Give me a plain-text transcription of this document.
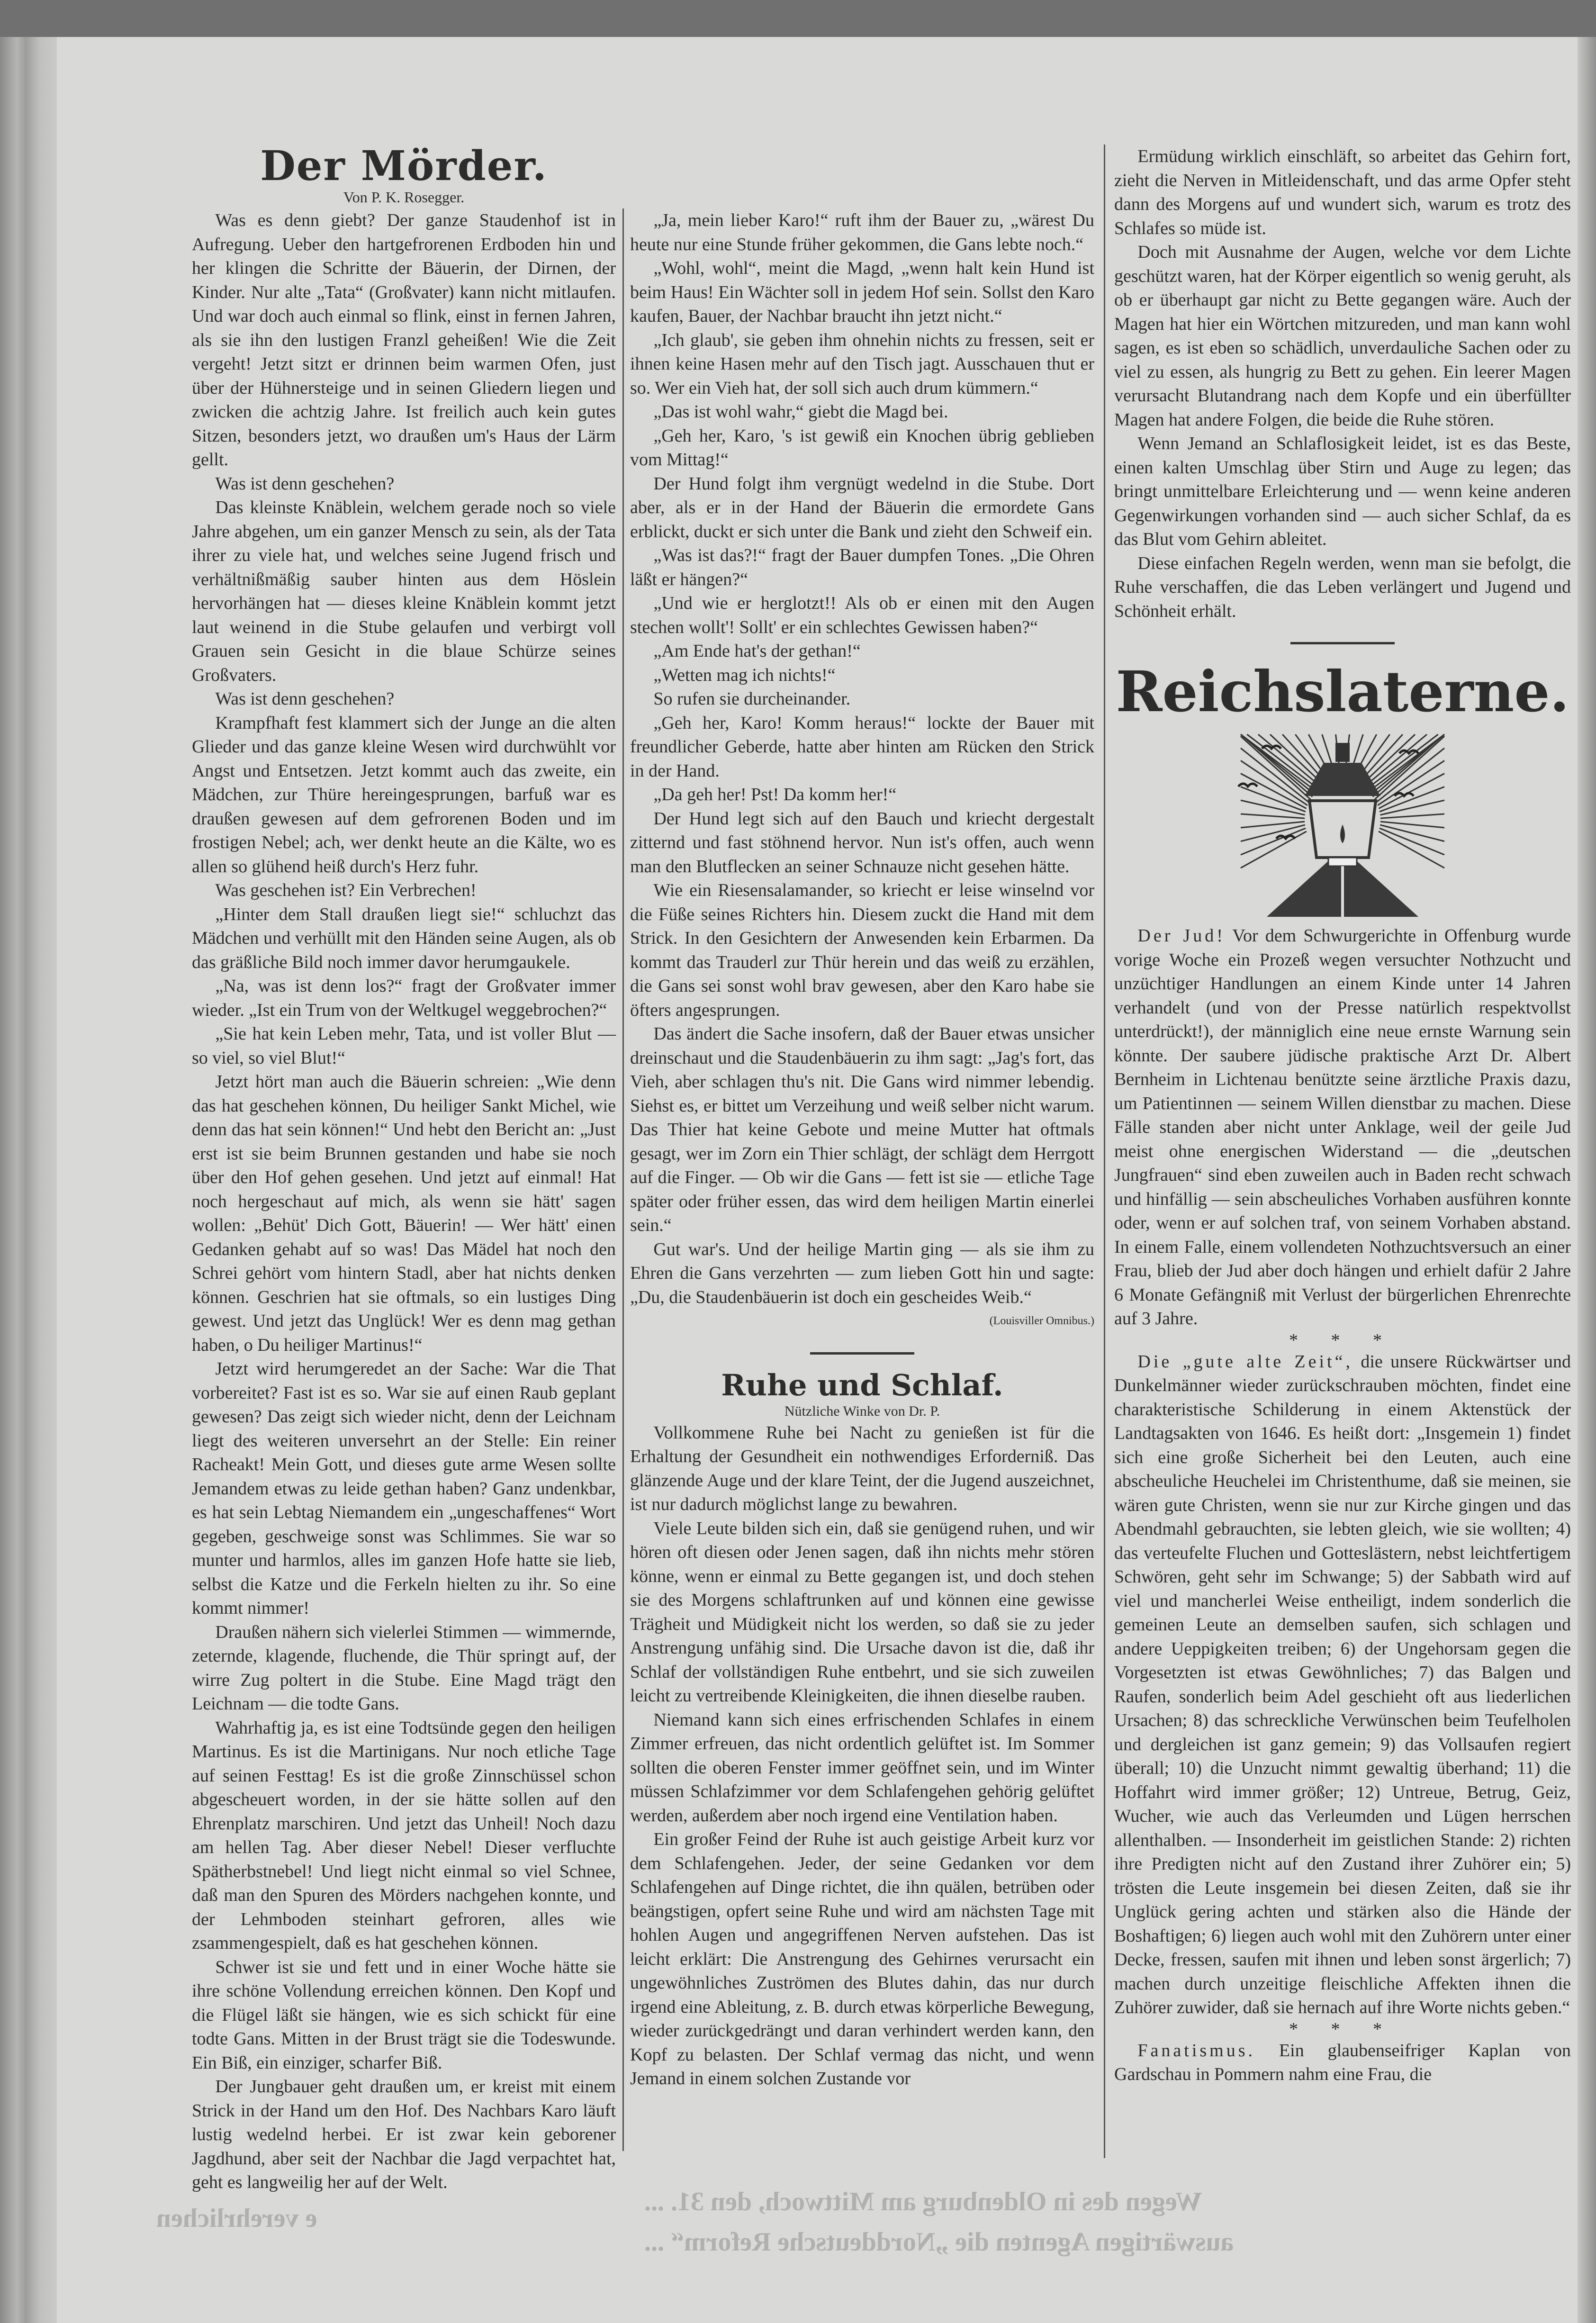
Der Mörder.
Von P. K. Rosegger.

Was es denn giebt? Der ganze Staudenhof ist in Aufregung. Ueber den hartgefrorenen Erdboden hin und her klingen die Schritte der Bäuerin, der Dirnen, der Kinder. Nur alte „Tata“ (Großvater) kann nicht mitlaufen. Und war doch auch einmal so flink, einst in fernen Jahren, als sie ihn den lustigen Franzl geheißen! Wie die Zeit vergeht! Jetzt sitzt er drinnen beim warmen Ofen, just über der Hühnersteige und in seinen Gliedern liegen und zwicken die achtzig Jahre. Ist freilich auch kein gutes Sitzen, besonders jetzt, wo draußen um's Haus der Lärm gellt.

Was ist denn geschehen?

Das kleinste Knäblein, welchem gerade noch so viele Jahre abgehen, um ein ganzer Mensch zu sein, als der Tata ihrer zu viele hat, und welches seine Jugend frisch und verhältnißmäßig sauber hinten aus dem Höslein hervorhängen hat — dieses kleine Knäblein kommt jetzt laut weinend in die Stube gelaufen und verbirgt voll Grauen sein Gesicht in die blaue Schürze seines Großvaters.

Was ist denn geschehen?

Krampfhaft fest klammert sich der Junge an die alten Glieder und das ganze kleine Wesen wird durchwühlt vor Angst und Entsetzen. Jetzt kommt auch das zweite, ein Mädchen, zur Thüre hereingesprungen, barfuß war es draußen gewesen auf dem gefrorenen Boden und im frostigen Nebel; ach, wer denkt heute an die Kälte, wo es allen so glühend heiß durch's Herz fuhr.

Was geschehen ist? Ein Verbrechen!

„Hinter dem Stall draußen liegt sie!“ schluchzt das Mädchen und verhüllt mit den Händen seine Augen, als ob das gräßliche Bild noch immer davor herumgaukele.

„Na, was ist denn los?“ fragt der Großvater immer wieder. „Ist ein Trum von der Weltkugel weggebrochen?“

„Sie hat kein Leben mehr, Tata, und ist voller Blut — so viel, so viel Blut!“

Jetzt hört man auch die Bäuerin schreien: „Wie denn das hat geschehen können, Du heiliger Sankt Michel, wie denn das hat sein können!“ Und hebt den Bericht an: „Just erst ist sie beim Brunnen gestanden und habe sie noch über den Hof gehen gesehen. Und jetzt auf einmal! Hat noch hergeschaut auf mich, als wenn sie hätt' sagen wollen: „Behüt' Dich Gott, Bäuerin! — Wer hätt' einen Gedanken gehabt auf so was! Das Mädel hat noch den Schrei gehört vom hintern Stadl, aber hat nichts denken können. Geschrien hat sie oftmals, so ein lustiges Ding gewest. Und jetzt das Unglück! Wer es denn mag gethan haben, o Du heiliger Martinus!“

Jetzt wird herumgeredet an der Sache: War die That vorbereitet? Fast ist es so. War sie auf einen Raub geplant gewesen? Das zeigt sich wieder nicht, denn der Leichnam liegt des weiteren unversehrt an der Stelle: Ein reiner Racheakt! Mein Gott, und dieses gute arme Wesen sollte Jemandem etwas zu leide gethan haben? Ganz undenkbar, es hat sein Lebtag Niemandem ein „ungeschaffenes“ Wort gegeben, geschweige sonst was Schlimmes. Sie war so munter und harmlos, alles im ganzen Hofe hatte sie lieb, selbst die Katze und die Ferkeln hielten zu ihr. So eine kommt nimmer!

Draußen nähern sich vielerlei Stimmen — wimmernde, zeternde, klagende, fluchende, die Thür springt auf, der wirre Zug poltert in die Stube. Eine Magd trägt den Leichnam — die todte Gans.

Wahrhaftig ja, es ist eine Todtsünde gegen den heiligen Martinus. Es ist die Martinigans. Nur noch etliche Tage auf seinen Festtag! Es ist die große Zinnschüssel schon abgescheuert worden, in der sie hätte sollen auf den Ehrenplatz marschiren. Und jetzt das Unheil! Noch dazu am hellen Tag. Aber dieser Nebel! Dieser verfluchte Spätherbstnebel! Und liegt nicht einmal so viel Schnee, daß man den Spuren des Mörders nachgehen konnte, und der Lehmboden steinhart gefroren, alles wie zsammengespielt, daß es hat geschehen können.

Schwer ist sie und fett und in einer Woche hätte sie ihre schöne Vollendung erreichen können. Den Kopf und die Flügel läßt sie hängen, wie es sich schickt für eine todte Gans. Mitten in der Brust trägt sie die Todeswunde. Ein Biß, ein einziger, scharfer Biß.

Der Jungbauer geht draußen um, er kreist mit einem Strick in der Hand um den Hof. Des Nachbars Karo läuft lustig wedelnd herbei. Er ist zwar kein geborener Jagdhund, aber seit der Nachbar die Jagd verpachtet hat, geht es langweilig her auf der Welt.

„Ja, mein lieber Karo!“ ruft ihm der Bauer zu, „wärest Du heute nur eine Stunde früher gekommen, die Gans lebte noch.“

„Wohl, wohl“, meint die Magd, „wenn halt kein Hund ist beim Haus! Ein Wächter soll in jedem Hof sein. Sollst den Karo kaufen, Bauer, der Nachbar braucht ihn jetzt nicht.“

„Ich glaub', sie geben ihm ohnehin nichts zu fressen, seit er ihnen keine Hasen mehr auf den Tisch jagt. Ausschauen thut er so. Wer ein Vieh hat, der soll sich auch drum kümmern.“

„Das ist wohl wahr,“ giebt die Magd bei.

„Geh her, Karo, 's ist gewiß ein Knochen übrig geblieben vom Mittag!“

Der Hund folgt ihm vergnügt wedelnd in die Stube. Dort aber, als er in der Hand der Bäuerin die ermordete Gans erblickt, duckt er sich unter die Bank und zieht den Schweif ein.

„Was ist das?!“ fragt der Bauer dumpfen Tones. „Die Ohren läßt er hängen?“

„Und wie er herglotzt!! Als ob er einen mit den Augen stechen wollt'! Sollt' er ein schlechtes Gewissen haben?“

„Am Ende hat's der gethan!“

„Wetten mag ich nichts!“

So rufen sie durcheinander.

„Geh her, Karo! Komm heraus!“ lockte der Bauer mit freundlicher Geberde, hatte aber hinten am Rücken den Strick in der Hand.

„Da geh her! Pst! Da komm her!“

Der Hund legt sich auf den Bauch und kriecht dergestalt zitternd und fast stöhnend hervor. Nun ist's offen, auch wenn man den Blutflecken an seiner Schnauze nicht gesehen hätte.

Wie ein Riesensalamander, so kriecht er leise winselnd vor die Füße seines Richters hin. Diesem zuckt die Hand mit dem Strick. In den Gesichtern der Anwesenden kein Erbarmen. Da kommt das Trauderl zur Thür herein und das weiß zu erzählen, die Gans sei sonst wohl brav gewesen, aber den Karo habe sie öfters angesprungen.

Das ändert die Sache insofern, daß der Bauer etwas unsicher dreinschaut und die Staudenbäuerin zu ihm sagt: „Jag's fort, das Vieh, aber schlagen thu's nit. Die Gans wird nimmer lebendig. Siehst es, er bittet um Verzeihung und weiß selber nicht warum. Das Thier hat keine Gebote und meine Mutter hat oftmals gesagt, wer im Zorn ein Thier schlägt, der schlägt dem Herrgott auf die Finger. — Ob wir die Gans — fett ist sie — etliche Tage später oder früher essen, das wird dem heiligen Martin einerlei sein.“

Gut war's. Und der heilige Martin ging — als sie ihm zu Ehren die Gans verzehrten — zum lieben Gott hin und sagte: „Du, die Staudenbäuerin ist doch ein gescheides Weib.“

(Louisviller Omnibus.)
Ruhe und Schlaf.
Nützliche Winke von Dr. P.

Vollkommene Ruhe bei Nacht zu genießen ist für die Erhaltung der Gesundheit ein nothwendiges Erforderniß. Das glänzende Auge und der klare Teint, der die Jugend auszeichnet, ist nur dadurch möglichst lange zu bewahren.

Viele Leute bilden sich ein, daß sie genügend ruhen, und wir hören oft diesen oder Jenen sagen, daß ihn nichts mehr stören könne, wenn er einmal zu Bette gegangen ist, und doch stehen sie des Morgens schlaftrunken auf und können eine gewisse Trägheit und Müdigkeit nicht los werden, so daß sie zu jeder Anstrengung unfähig sind. Die Ursache davon ist die, daß ihr Schlaf der vollständigen Ruhe entbehrt, und sie sich zuweilen leicht zu vertreibende Kleinigkeiten, die ihnen dieselbe rauben.

Niemand kann sich eines erfrischenden Schlafes in einem Zimmer erfreuen, das nicht ordentlich gelüftet ist. Im Sommer sollten die oberen Fenster immer geöffnet sein, und im Winter müssen Schlafzimmer vor dem Schlafengehen gehörig gelüftet werden, außerdem aber noch irgend eine Ventilation haben.

Ein großer Feind der Ruhe ist auch geistige Arbeit kurz vor dem Schlafengehen. Jeder, der seine Gedanken vor dem Schlafengehen auf Dinge richtet, die ihn quälen, betrüben oder beängstigen, opfert seine Ruhe und wird am nächsten Tage mit hohlen Augen und angegriffenen Nerven aufstehen. Das ist leicht erklärt: Die Anstrengung des Gehirnes verursacht ein ungewöhnliches Zuströmen des Blutes dahin, das nur durch irgend eine Ableitung, z. B. durch etwas körperliche Bewegung, wieder zurückgedrängt und daran verhindert werden kann, den Kopf zu belasten. Der Schlaf vermag das nicht, und wenn Jemand in einem solchen Zustande vor

Ermüdung wirklich einschläft, so arbeitet das Gehirn fort, zieht die Nerven in Mitleidenschaft, und das arme Opfer steht dann des Morgens auf und wundert sich, warum es trotz des Schlafes so müde ist.

Doch mit Ausnahme der Augen, welche vor dem Lichte geschützt waren, hat der Körper eigentlich so wenig geruht, als ob er überhaupt gar nicht zu Bette gegangen wäre. Auch der Magen hat hier ein Wörtchen mitzureden, und man kann wohl sagen, es ist eben so schädlich, unverdauliche Sachen oder zu viel zu essen, als hungrig zu Bett zu gehen. Ein leerer Magen verursacht Blutandrang nach dem Kopfe und ein überfüllter Magen hat andere Folgen, die beide die Ruhe stören.

Wenn Jemand an Schlaflosigkeit leidet, ist es das Beste, einen kalten Umschlag über Stirn und Auge zu legen; das bringt unmittelbare Erleichterung und — wenn keine anderen Gegenwirkungen vorhanden sind — auch sicher Schlaf, da es das Blut vom Gehirn ableitet.

Diese einfachen Regeln werden, wenn man sie befolgt, die Ruhe verschaffen, die das Leben verlängert und Jugend und Schönheit erhält.

Reichslaterne.

Der Jud! Vor dem Schwurgerichte in Offenburg wurde vorige Woche ein Prozeß wegen versuchter Nothzucht und unzüchtiger Handlungen an einem Kinde unter 14 Jahren verhandelt (und von der Presse natürlich respektvollst unterdrückt!), der männiglich eine neue ernste Warnung sein könnte. Der saubere jüdische praktische Arzt Dr. Albert Bernheim in Lichtenau benützte seine ärztliche Praxis dazu, um Patientinnen — seinem Willen dienstbar zu machen. Diese Fälle standen aber nicht unter Anklage, weil der geile Jud meist ohne energischen Widerstand — die „deutschen Jungfrauen“ sind eben zuweilen auch in Baden recht schwach und hinfällig — sein abscheuliches Vorhaben ausführen konnte oder, wenn er auf solchen traf, von seinem Vorhaben abstand. In einem Falle, einem vollendeten Nothzuchtsversuch an einer Frau, blieb der Jud aber doch hängen und erhielt dafür 2 Jahre 6 Monate Gefängniß mit Verlust der bürgerlichen Ehrenrechte auf 3 Jahre.

* * *

Die „gute alte Zeit“, die unsere Rückwärtser und Dunkelmänner wieder zurückschrauben möchten, findet eine charakteristische Schilderung in einem Aktenstück der Landtagsakten von 1646. Es heißt dort: „Insgemein 1) findet sich eine große Sicherheit bei den Leuten, auch eine abscheuliche Heuchelei im Christenthume, daß sie meinen, sie wären gute Christen, wenn sie nur zur Kirche gingen und das Abendmahl gebrauchten, sie lebten gleich, wie sie wollten; 4) das verteufelte Fluchen und Gotteslästern, nebst leichtfertigem Schwören, geht sehr im Schwange; 5) der Sabbath wird auf viel und mancherlei Weise entheiligt, indem sonderlich die gemeinen Leute an demselben saufen, sich schlagen und andere Ueppigkeiten treiben; 6) der Ungehorsam gegen die Vorgesetzten ist etwas Gewöhnliches; 7) das Balgen und Raufen, sonderlich beim Adel geschieht oft aus liederlichen Ursachen; 8) das schreckliche Verwünschen beim Teufelholen und dergleichen ist ganz gemein; 9) das Vollsaufen regiert überall; 10) die Unzucht nimmt gewaltig überhand; 11) die Hoffahrt wird immer größer; 12) Untreue, Betrug, Geiz, Wucher, wie auch das Verleumden und Lügen herrschen allenthalben. — Insonderheit im geistlichen Stande: 2) richten ihre Predigten nicht auf den Zustand ihrer Zuhörer ein; 5) trösten die Leute insgemein bei diesen Zeiten, daß sie ihr Unglück gering achten und stärken also die Hände der Boshaftigen; 6) liegen auch wohl mit den Zuhörern unter einer Decke, fressen, saufen mit ihnen und leben sonst ärgerlich; 7) machen durch unzeitige fleischliche Affekten ihnen die Zuhörer zuwider, daß sie hernach auf ihre Worte nichts geben.“

* * *

Fanatismus. Ein glaubenseifriger Kaplan von Gardschau in Pommern nahm eine Frau, die

e verehrlichen
Wegen des in Oldenburg am Mittwoch, den 31. ...
auswärtigen Agenten die „Norddeutsche Reform“ ...
